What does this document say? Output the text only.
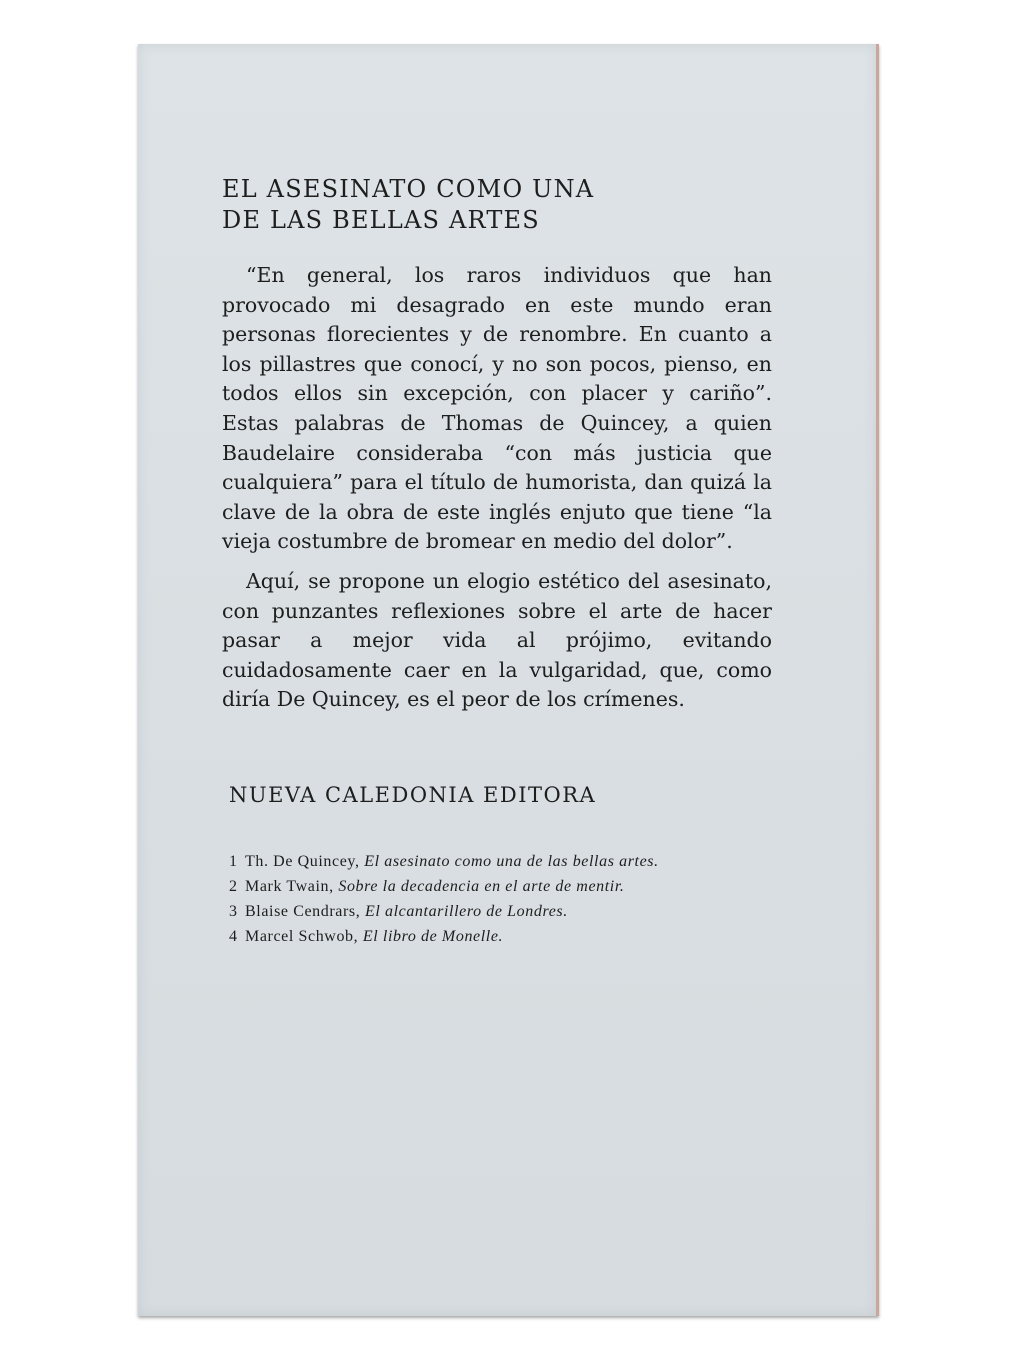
EL ASESINATO COMO UNA
DE LAS BELLAS ARTES

“En general, los raros individuos que han provocado mi desagrado en este mundo eran personas florecientes y de renombre. En cuanto a los pillastres que conocí, y no son pocos, pienso, en todos ellos sin excepción, con placer y cariño”. Estas palabras de Thomas de Quincey, a quien Baudelaire consideraba “con más justicia que cualquiera” para el título de humorista, dan quizá la clave de la obra de este inglés enjuto que tiene “la vieja costumbre de bromear en medio del dolor”.

Aquí, se propone un elogio estético del asesinato, con punzantes reflexiones sobre el arte de hacer pasar a mejor vida al prójimo, evitando cuidadosamente caer en la vulgaridad, que, como diría De Quincey, es el peor de los crímenes.

NUEVA CALEDONIA EDITORA
1 Th. De Quincey, El asesinato como una de las bellas artes.
2 Mark Twain, Sobre la decadencia en el arte de mentir.
3 Blaise Cendrars, El alcantarillero de Londres.
4 Marcel Schwob, El libro de Monelle.
